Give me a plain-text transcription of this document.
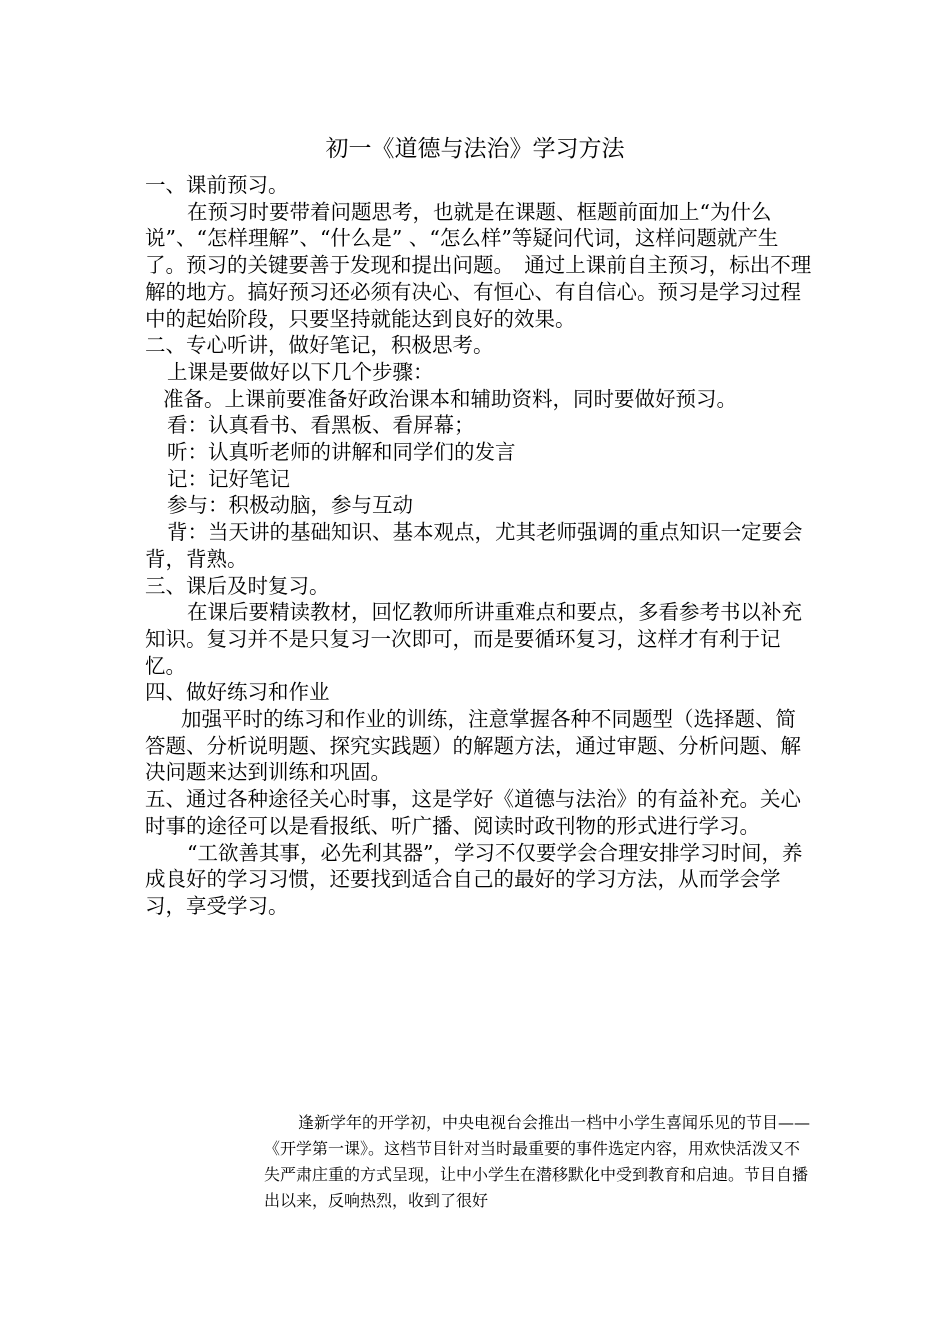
初一《道德与法治》学习方法

一、课前预习。

在预习时要带着问题思考，也就是在课题、框题前面加上“为什么说”、“怎样理解”、“什么是” 、“怎么样”等疑问代词，这样问题就产生了。预习的关键要善于发现和提出问题。　通过上课前自主预习，标出不理解的地方。搞好预习还必须有决心、有恒心、有自信心。预习是学习过程中的起始阶段，只要坚持就能达到良好的效果。

二、专心听讲，做好笔记，积极思考。

上课是要做好以下几个步骤：

准备。上课前要准备好政治课本和辅助资料，同时要做好预习。

看：认真看书、看黑板、看屏幕；

听：认真听老师的讲解和同学们的发言

记：记好笔记

参与：积极动脑，参与互动

背：当天讲的基础知识、基本观点，尤其老师强调的重点知识一定要会背，背熟。

三、课后及时复习。

在课后要精读教材，回忆教师所讲重难点和要点，多看参考书以补充知识。复习并不是只复习一次即可，而是要循环复习，这样才有利于记忆。

四、做好练习和作业

加强平时的练习和作业的训练，注意掌握各种不同题型（选择题、简答题、分析说明题、探究实践题）的解题方法，通过审题、分析问题、解决问题来达到训练和巩固。

五、通过各种途径关心时事，这是学好《道德与法治》的有益补充。关心时事的途径可以是看报纸、听广播、阅读时政刊物的形式进行学习。

“工欲善其事，必先利其器”，学习不仅要学会合理安排学习时间，养成良好的学习习惯，还要找到适合自己的最好的学习方法，从而学会学习，享受学习。

逢新学年的开学初，中央电视台会推出一档中小学生喜闻乐见的节目——《开学第一课》。这档节目针对当时最重要的事件选定内容，用欢快活泼又不失严肃庄重的方式呈现，让中小学生在潜移默化中受到教育和启迪。节目自播出以来，反响热烈，收到了很好
